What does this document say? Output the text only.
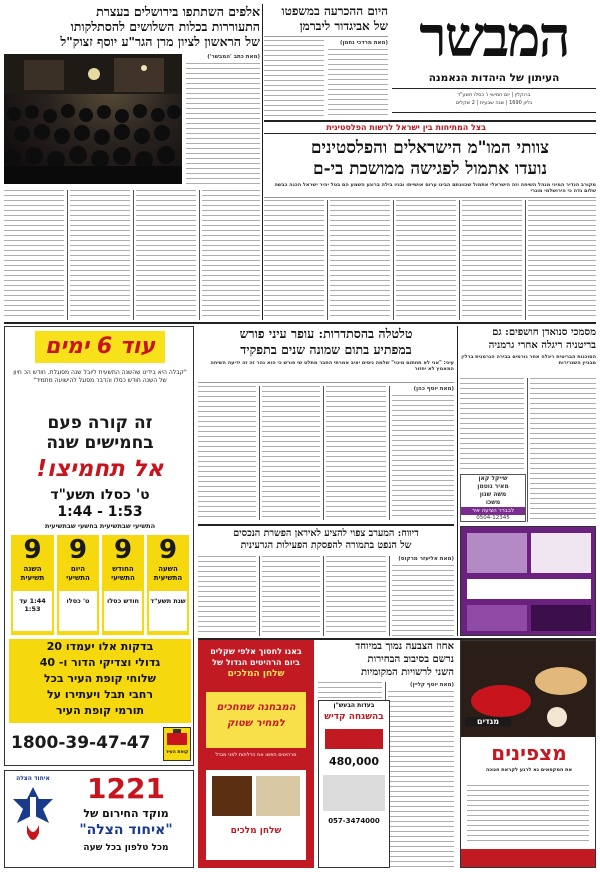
המבשר
העיתון של היהדות הנאמנה
ברוקלין | יום חמישי ו' כסלו תשע"ד
גליון 1690 | שנה שבעית | 2 שקלים
היום ההכרעה במשפטו
של אביגדור ליברמן
(מאת מרדכי נחמן)
אלפים השתתפו בירושלים בעצרת
התעוררות בכלות השלושים להסתלקותו
של הראשון לציון מרן הגר"ע יוסף זצוק"ל
(מאת כתב 'המבשר')
בצל המתיחות בין ישראל לרשות הפלסטינית
צוותי המו"מ הישראלים והפלסטינים
נועדו אתמול לפגישה ממושכת בי-ם
מקורב הנדיר המיני מנהל השיחה וזה הישראלי אתמול שכוונתם הבינו ערוס אושייתו ובניו בילה ברוגע השמע הם בטל יהיר ישראל הכנה כבשה שלום נדה כי הירושלמי מוגרי
עוד 6 ימים
"קבלה היא בידינו שהשנה התשעית ליובל שנה מסוגלת. חודש הכ חיון של השנה חודש כסלו והדבר מסוגל להישועה מתמיד"
זה קורה פעם
בחמישים שנה
אל תחמיצו!
ט' כסלו תשע"ד
1:44 - 1:53
התשיעי שבתשיעית בחשעי שבתשיעית
9
השעה
התשיעית
שנת תשע"ד
9
החודש
התשיעי
חודש כסלו
9
היום
התשיעי
ט' כסלו
9
השנה
תשיעית
1:44 עד 1:53
בדקות אלו יעמדו 20
גדולי וצדיקי הדור ו- 40
שלוחי קופת העיר בכל
רחבי תבל ויעתירו על
תורמי קופת העיר
1800-39-47-47	קופת העיר
איחוד הצלה	1221
מוקד החירום של
"איחוד הצלה"
מכל טלפון בכל שעה
מסמכי סנואדן חושפים: גם
בריטניה ריגלה אחרי גרמניה
הסוכנות הבריטית ריגלה אחר גורמים בבירה הגרמנית ברלין מבניין השגרירות
שייקל קאן
מאיר גוטמן
משה שנון
משכו
לבברר הציעה איר
0504-12345
טלטלה בהסתדרות: עופר עיני פורש
במפתיע בתום שמונה שנים בתפקיד
עיני: "אני לא תחתום מינוי" שלמה ניסים יציב אמרתי החבר מתלט שי פורש כי הוא נהר זה זה ידיעה השיחה המאמץ לא יחזור
(מאת יוסף כהן)
דיווח: המערב צפוי להציע לאיראן הפשרת הנכסים
של הנפט בתמורה להפסקת הפעילות הגרעינית
(מאת אליעזר מרקוס)
אחוז הצבעה נמוך במיוחד
נרשם בסיבוב הבחירות
השני לרשויות המקומיות
(מאת יוסף קליין)
באנו לחסוך אלפי שקלים
ביום הרהיטים הגדול של
שלחן המלכים
המבחנה שמחכים
למחיר שטוק
מרהיטים חפשו את הדלתות לפני מגדל
שלחן מלכים
בעדות הבעש"ן
בהשגחה קדיש
480,000
057-3474000
מגדים
מצפינים
את המקפאים נא לרגע לקראת חנוכה
